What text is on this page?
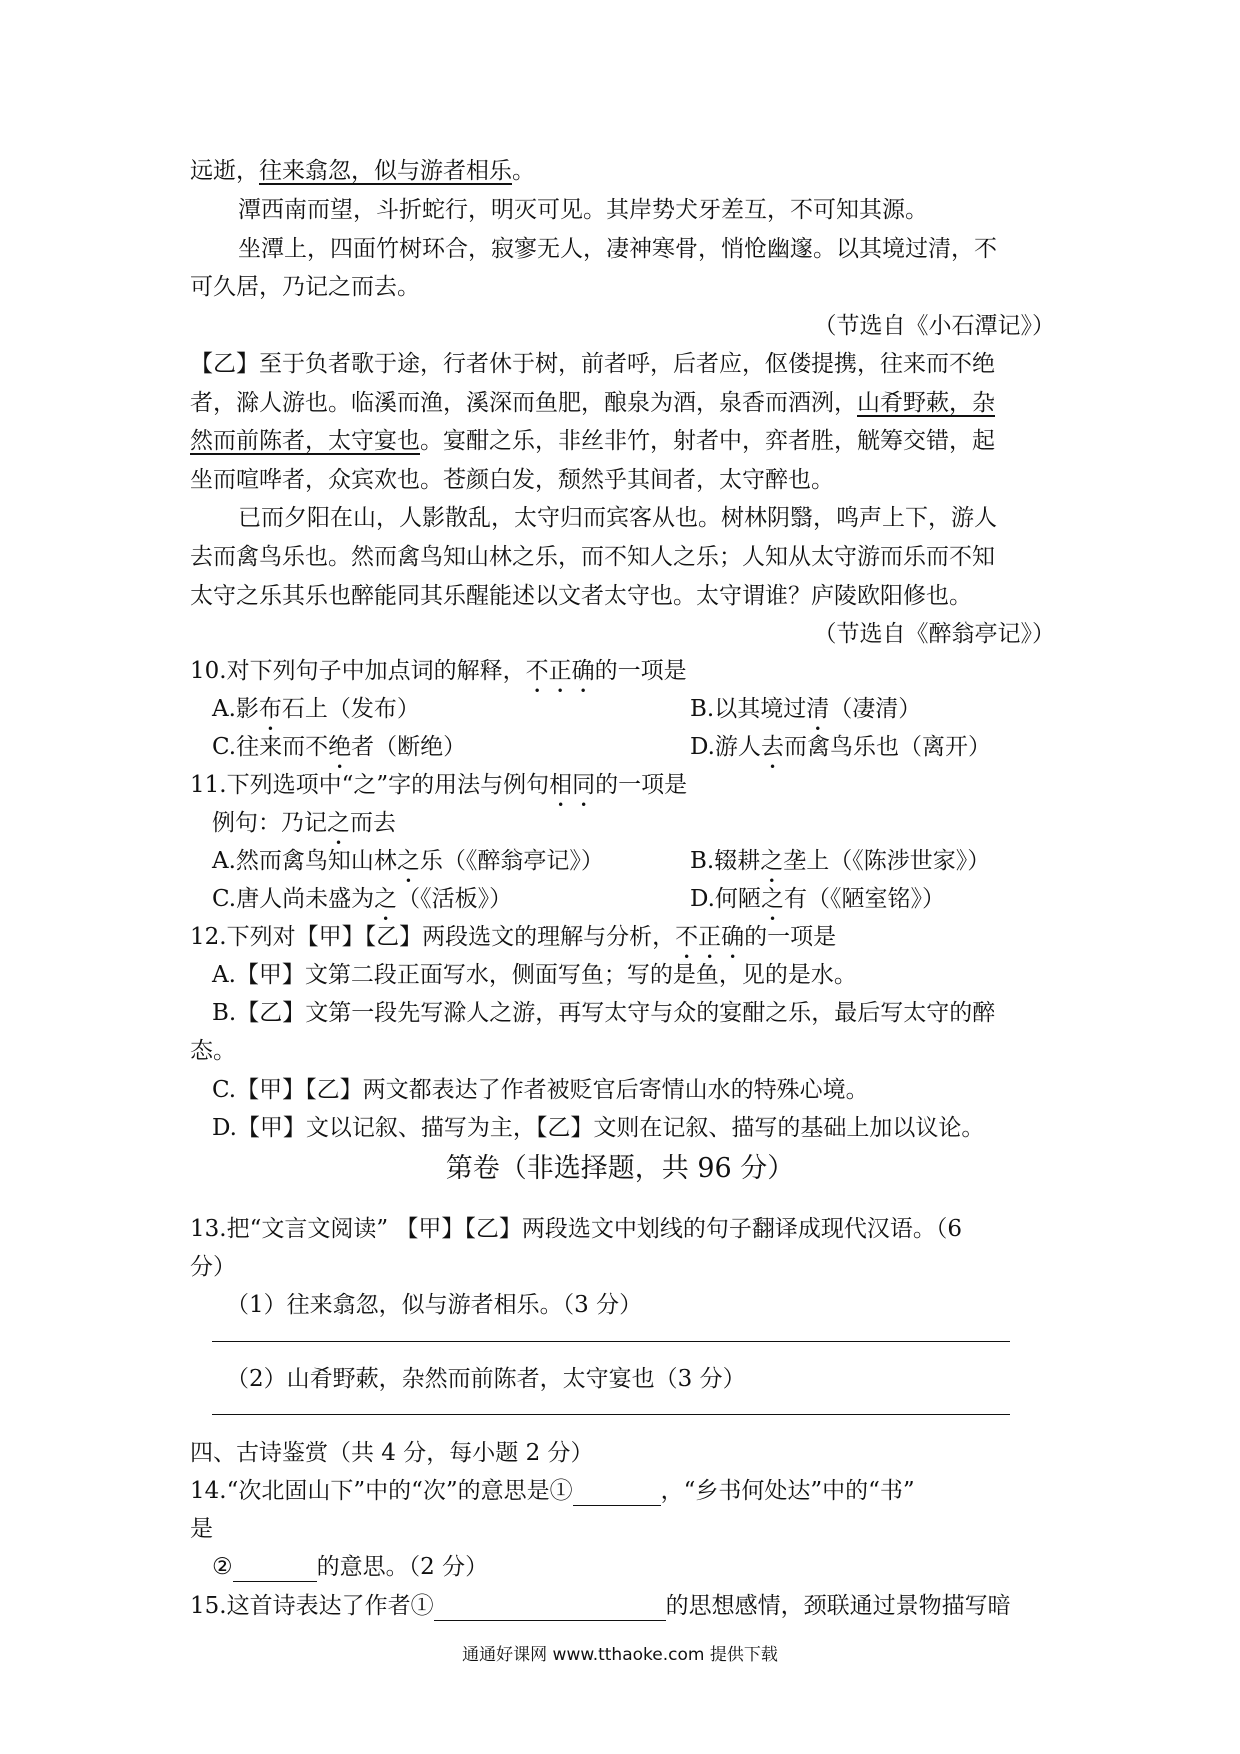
远逝，往来翕忽，似与游者相乐。
潭西南而望，斗折蛇行，明灭可见。其岸势犬牙差互，不可知其源。
坐潭上，四面竹树环合，寂寥无人，凄神寒骨，悄怆幽邃。以其境过清，不
可久居，乃记之而去。
（节选自《小石潭记》）
【乙】至于负者歌于途，行者休于树，前者呼，后者应，伛偻提携，往来而不绝
者，滁人游也。临溪而渔，溪深而鱼肥，酿泉为酒，泉香而酒洌，山肴野蔌，杂
然而前陈者，太守宴也。宴酣之乐，非丝非竹，射者中，弈者胜，觥筹交错，起
坐而喧哗者，众宾欢也。苍颜白发，颓然乎其间者，太守醉也。
已而夕阳在山，人影散乱，太守归而宾客从也。树林阴翳，鸣声上下，游人
去而禽鸟乐也。然而禽鸟知山林之乐，而不知人之乐；人知从太守游而乐而不知
太守之乐其乐也醉能同其乐醒能述以文者太守也。太守谓谁？庐陵欧阳修也。
（节选自《醉翁亭记》）
10.对下列句子中加点词的解释，不正确的一项是
A.影布石上（发布）	B.以其境过清（凄清）
C.往来而不绝者（断绝）	D.游人去而禽鸟乐也（离开）
11.下列选项中“之”字的用法与例句相同的一项是
例句：乃记之而去
A.然而禽鸟知山林之乐（《醉翁亭记》）	B.辍耕之垄上（《陈涉世家》）
C.唐人尚未盛为之（《活板》）	D.何陋之有（《陋室铭》）
12.下列对【甲】【乙】两段选文的理解与分析，不正确的一项是
A.【甲】文第二段正面写水，侧面写鱼；写的是鱼，见的是水。
B.【乙】文第一段先写滁人之游，再写太守与众的宴酣之乐，最后写太守的醉
态。
C.【甲】【乙】两文都表达了作者被贬官后寄情山水的特殊心境。
D.【甲】文以记叙、描写为主，【乙】文则在记叙、描写的基础上加以议论。
第卷（非选择题，共 96 分）
13.把“文言文阅读” 【甲】【乙】两段选文中划线的句子翻译成现代汉语。（6
分）
（1）往来翕忽，似与游者相乐。（3 分）
（2）山肴野蔌，杂然而前陈者，太守宴也（3 分）
四、古诗鉴赏（共 4 分，每小题 2 分）
14.“次北固山下”中的“次”的意思是①	，“乡书何处达”中的“书”
是
②	的意思。（2 分）
15.这首诗表达了作者①	的思想感情，颈联通过景物描写暗
通通好课网 www.tthaoke.com 提供下载
